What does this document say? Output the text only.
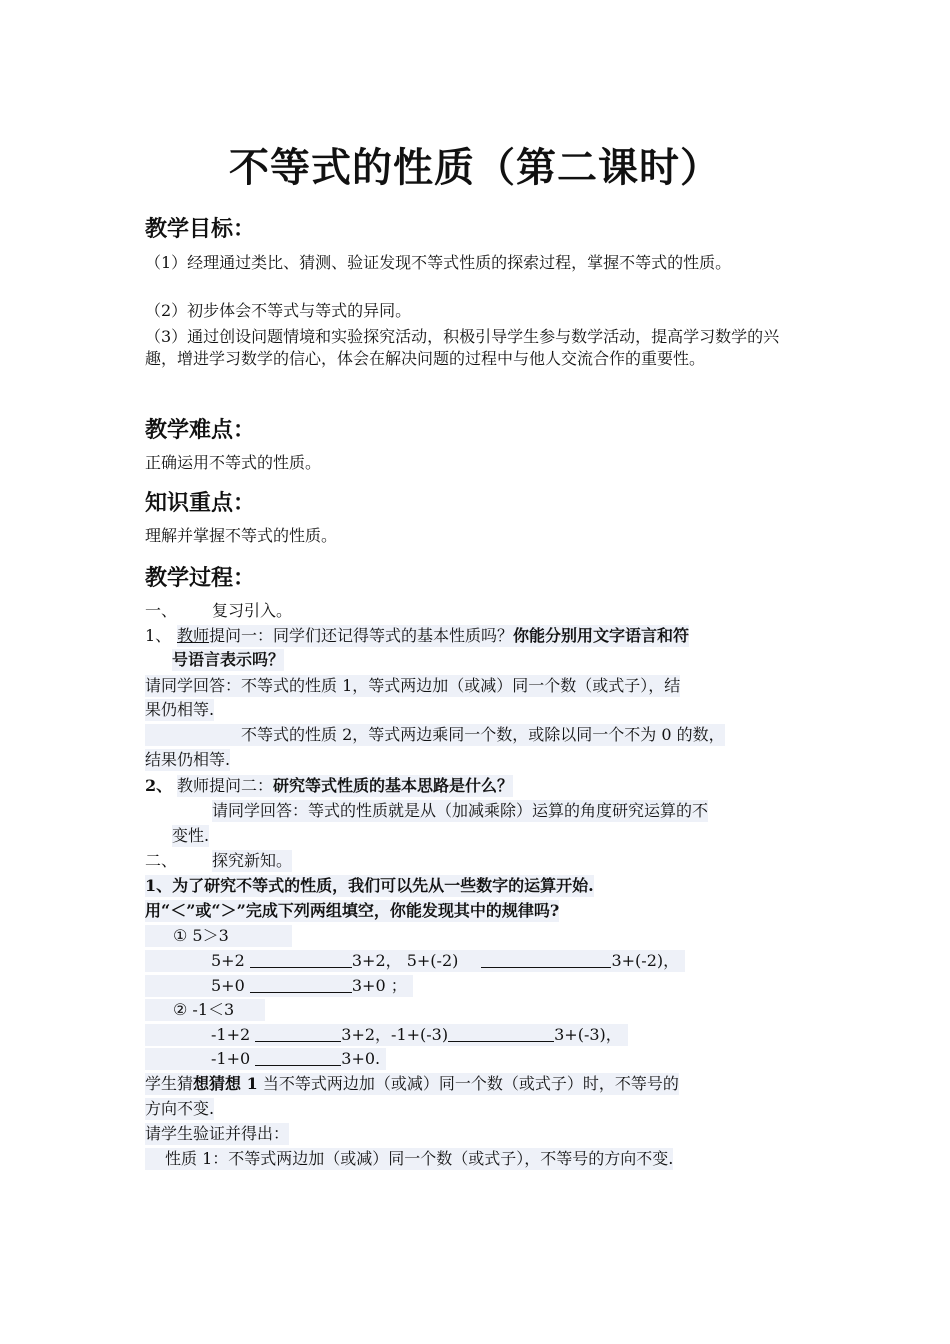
不等式的性质（第二课时）
教学目标：
（1）经理通过类比、猜测、验证发现不等式性质的探索过程，掌握不等式的性质。
（2）初步体会不等式与等式的异同。
（3）通过创设问题情境和实验探究活动，积极引导学生参与数学活动，提高学习数学的兴趣，增进学习数学的信心，体会在解决问题的过程中与他人交流合作的重要性。
教学难点：
正确运用不等式的性质。
知识重点：
理解并掌握不等式的性质。
教学过程：
一、 复习引入。
1、 教师提问一：同学们还记得等式的基本性质吗？你能分别用文字语言和符
号语言表示吗？
请同学回答：不等式的性质 1，等式两边加（或减）同一个数（或式子），结
果仍相等.
不等式的性质 2，等式两边乘同一个数，或除以同一个不为 0 的数，
结果仍相等.
2、 教师提问二：研究等式性质的基本思路是什么？
请同学回答：等式的性质就是从（加减乘除）运算的角度研究运算的不
变性.
二、 探究新知。
1、为了研究不等式的性质，我们可以先从一些数字的运算开始.
用“＜”或“＞”完成下列两组填空，你能发现其中的规律吗?
① 5＞3
5+2	3+2， 5+(-2)	3+(-2)，
5+0	3+0 ；
② -1＜3
-1+2	3+2，-1+(-3)	3+(-3)，
-1+0	3+0.
学生猜想猜想 1 当不等式两边加（或减）同一个数（或式子）时，不等号的
方向不变.
请学生验证并得出：
性质 1：不等式两边加（或减）同一个数（或式子），不等号的方向不变.
